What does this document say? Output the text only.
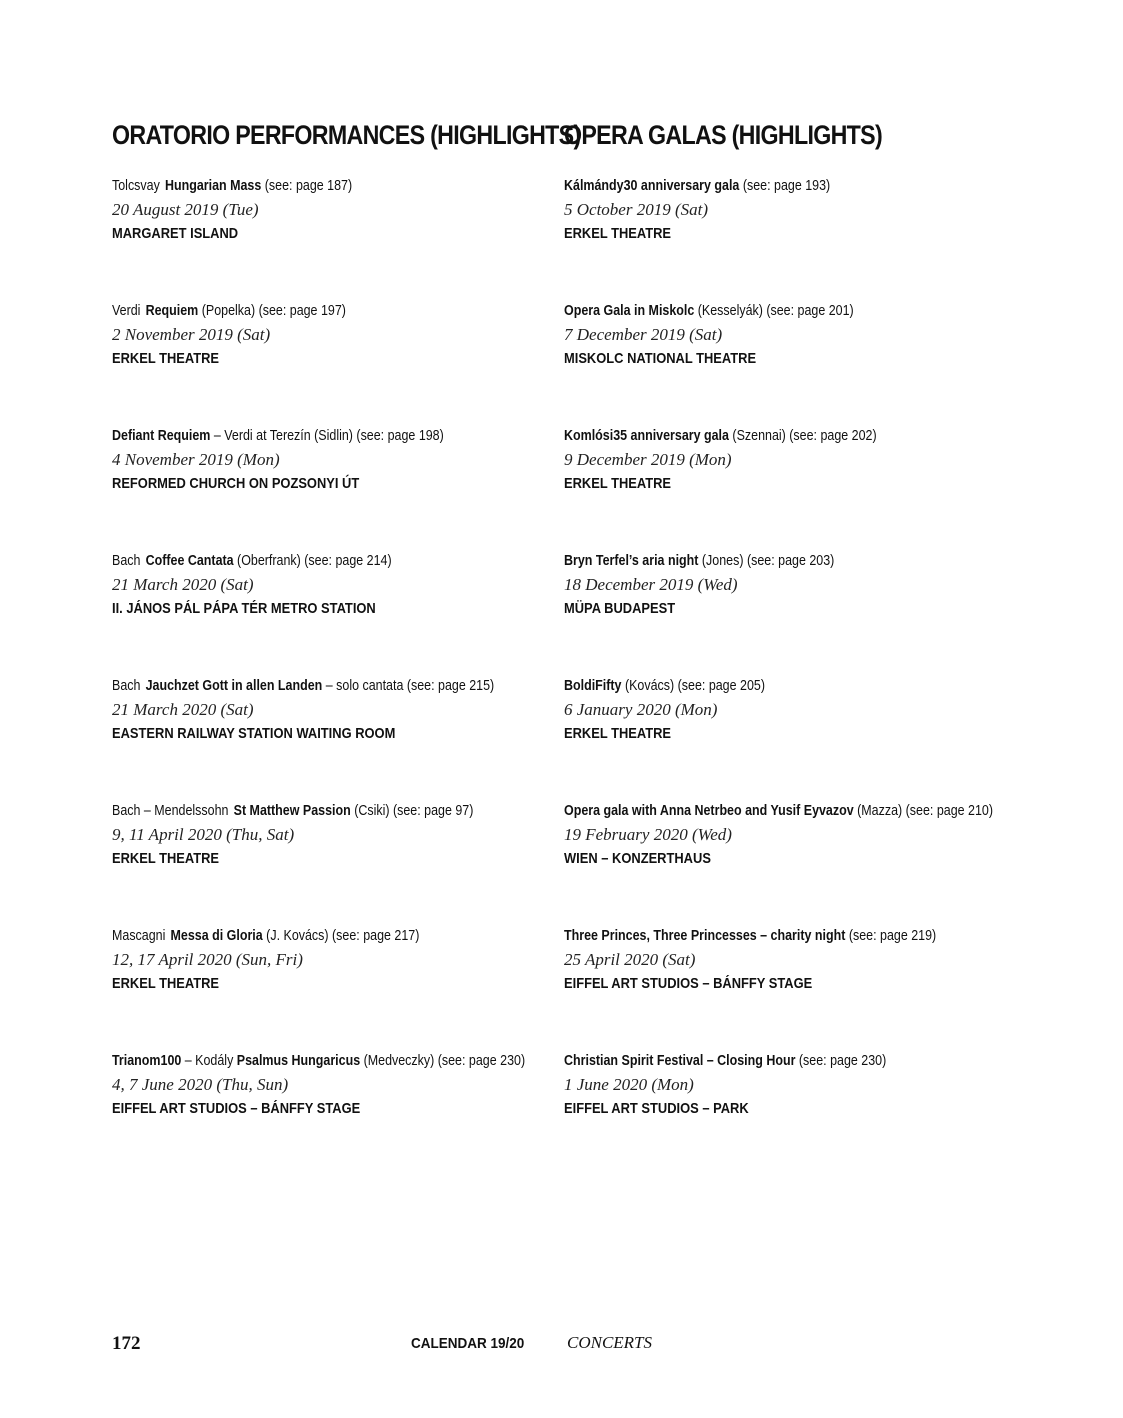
ORATORIO PERFORMANCES (HIGHLIGHTS)
Tolcsvay Hungarian Mass (see: page 187)
20 August 2019 (Tue)
MARGARET ISLAND
Verdi Requiem (Popelka) (see: page 197)
2 November 2019 (Sat)
ERKEL THEATRE
Defiant Requiem – Verdi at Terezín (Sidlin) (see: page 198)
4 November 2019 (Mon)
REFORMED CHURCH ON POZSONYI ÚT
Bach Coffee Cantata (Oberfrank) (see: page 214)
21 March 2020 (Sat)
II. JÁNOS PÁL PÁPA TÉR METRO STATION
Bach Jauchzet Gott in allen Landen – solo cantata (see: page 215)
21 March 2020 (Sat)
EASTERN RAILWAY STATION WAITING ROOM
Bach – Mendelssohn St Matthew Passion (Csiki) (see: page 97)
9, 11 April 2020 (Thu, Sat)
ERKEL THEATRE
Mascagni Messa di Gloria (J. Kovács) (see: page 217)
12, 17 April 2020 (Sun, Fri)
ERKEL THEATRE
Trianom100 – Kodály Psalmus Hungaricus (Medveczky) (see: page 230)
4, 7 June 2020 (Thu, Sun)
EIFFEL ART STUDIOS – BÁNFFY STAGE
OPERA GALAS (HIGHLIGHTS)
Kálmándy30 anniversary gala (see: page 193)
5 October 2019 (Sat)
ERKEL THEATRE
Opera Gala in Miskolc (Kesselyák) (see: page 201)
7 December 2019 (Sat)
MISKOLC NATIONAL THEATRE
Komlósi35 anniversary gala (Szennai) (see: page 202)
9 December 2019 (Mon)
ERKEL THEATRE
Bryn Terfel’s aria night (Jones) (see: page 203)
18 December 2019 (Wed)
MÜPA BUDAPEST
BoldiFifty (Kovács) (see: page 205)
6 January 2020 (Mon)
ERKEL THEATRE
Opera gala with Anna Netrbeo and Yusif Eyvazov (Mazza) (see: page 210)
19 February 2020 (Wed)
WIEN – KONZERTHAUS
Three Princes, Three Princesses – charity night (see: page 219)
25 April 2020 (Sat)
EIFFEL ART STUDIOS – BÁNFFY STAGE
Christian Spirit Festival – Closing Hour (see: page 230)
1 June 2020 (Mon)
EIFFEL ART STUDIOS – PARK
172	CALENDAR 19/20	CONCERTS
